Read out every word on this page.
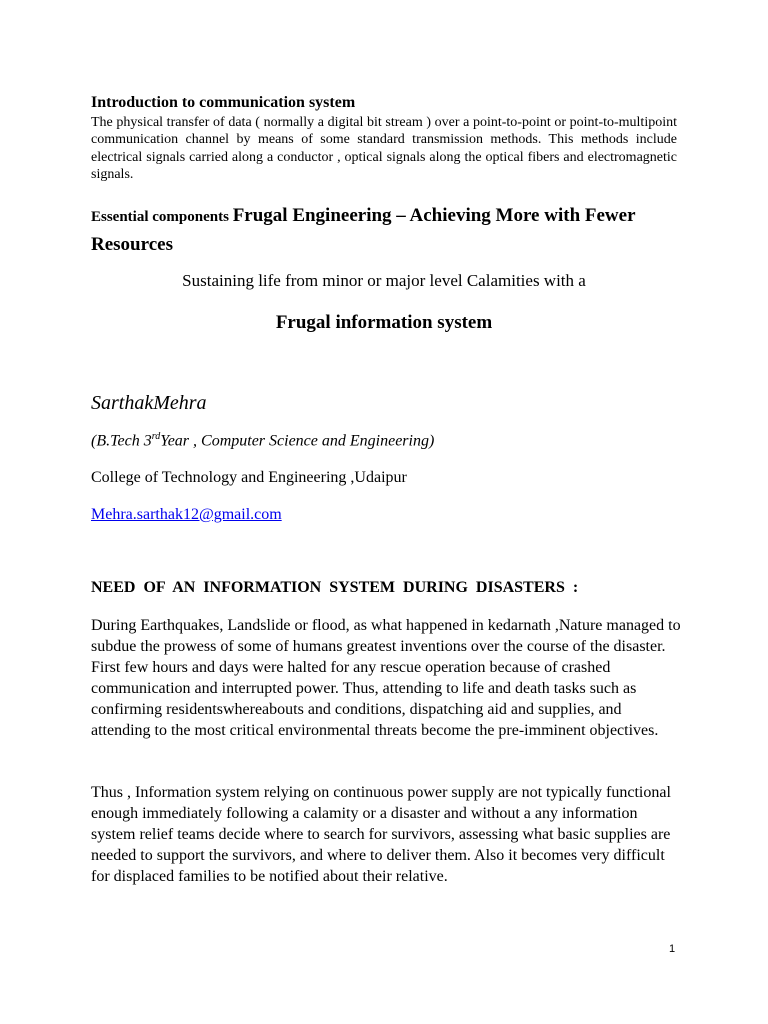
Introduction to communication system

The physical transfer of data ( normally a digital bit stream ) over a point-to-point or point-to-multipoint communication channel by means of some standard transmission methods. This methods include electrical signals carried along a conductor , optical signals along the optical fibers and electromagnetic signals.

Essential components Frugal Engineering – Achieving More with Fewer Resources

Sustaining life from minor or major level Calamities with a

Frugal information system

SarthakMehra

(B.Tech 3rdYear , Computer Science and Engineering)

College of Technology and Engineering ,Udaipur

Mehra.sarthak12@gmail.com

NEED OF AN INFORMATION SYSTEM DURING DISASTERS :

During Earthquakes, Landslide or flood, as what happened in kedarnath ,Nature managed to subdue the prowess of some of humans greatest inventions over the course of the disaster. First few hours and days were halted for any rescue operation because of crashed communication and interrupted power. Thus, attending to life and death tasks such as confirming residentswhereabouts and conditions, dispatching aid and supplies, and attending to the most critical environmental threats become the pre-imminent objectives.

Thus , Information system relying on continuous power supply are not typically functional enough immediately following a calamity or a disaster and without a any information system relief teams decide where to search for survivors, assessing what basic supplies are needed to support the survivors, and where to deliver them. Also it becomes very difficult for displaced families to be notified about their relative.

1
